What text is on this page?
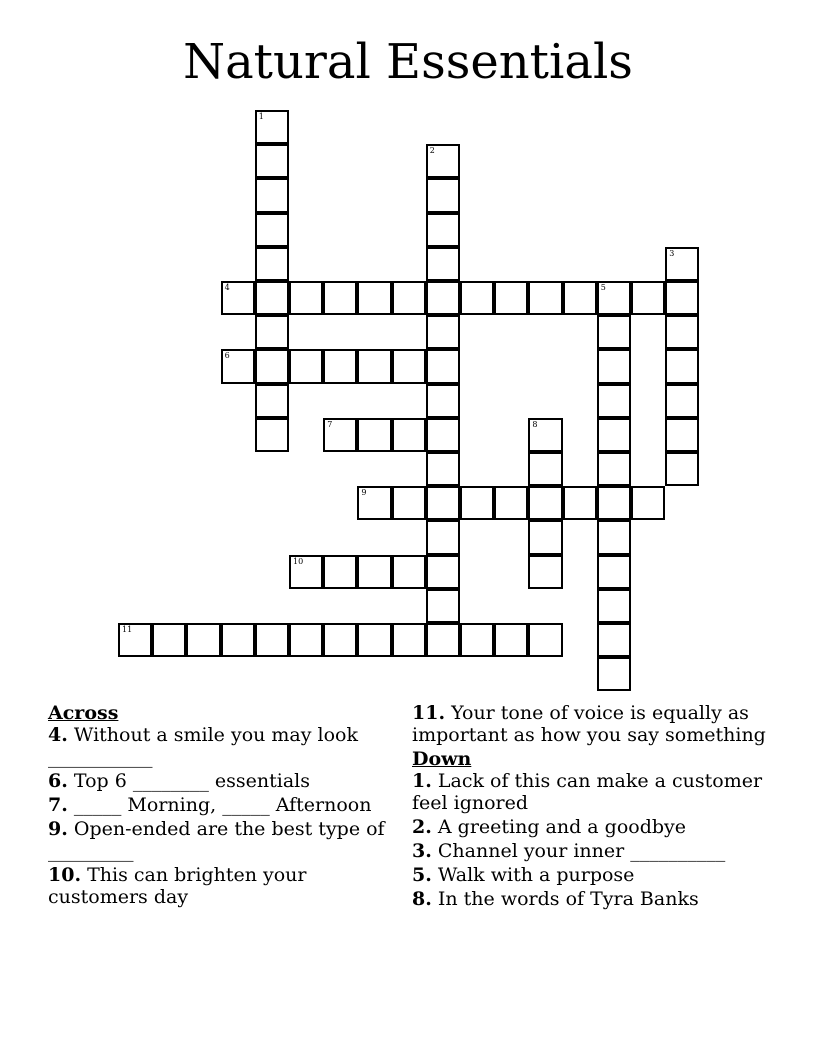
Natural Essentials
1
2
3
4	5
6
7	8
9
10
11
Across
4. Without a smile you may look ___________
6. Top 6 ________ essentials
7. _____ Morning, _____ Afternoon
9. Open-ended are the best type of _________
10. This can brighten your customers day
11. Your tone of voice is equally as important as how you say something
Down
1. Lack of this can make a customer feel ignored
2. A greeting and a goodbye
3. Channel your inner __________
5. Walk with a purpose
8. In the words of Tyra Banks
